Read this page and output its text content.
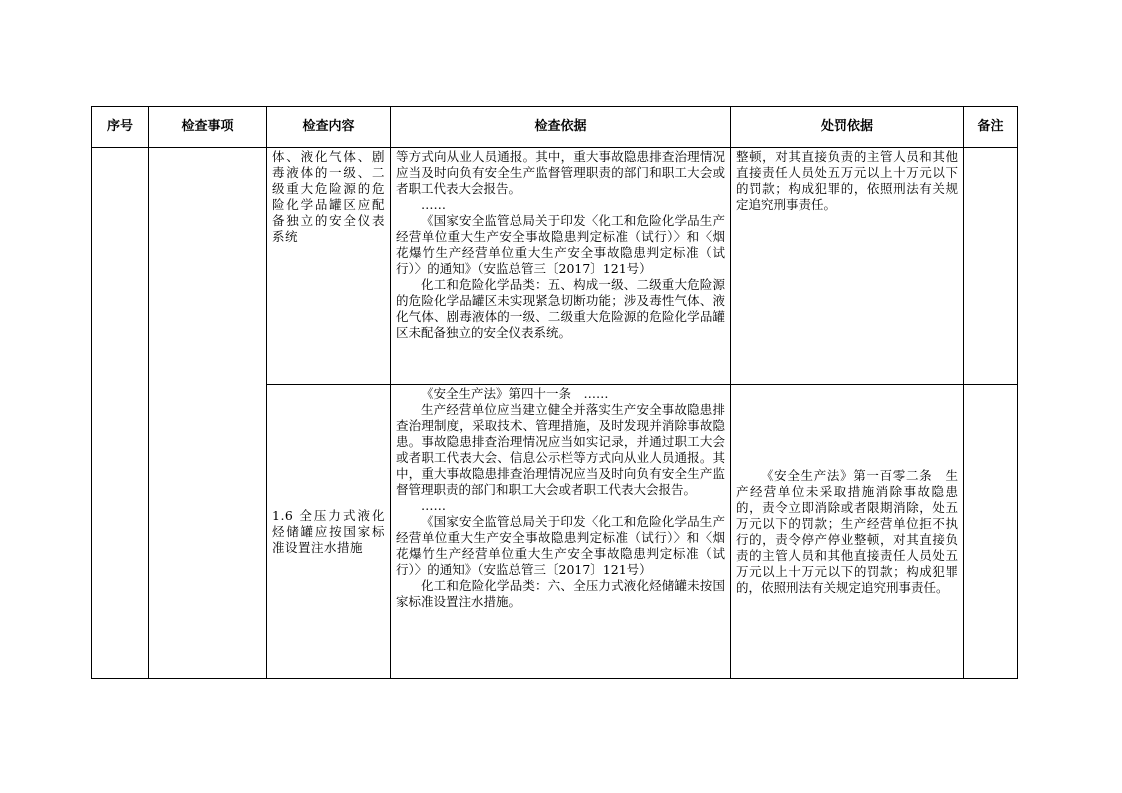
序号	检查事项	检查内容	检查依据	处罚依据	备注
		体、液化气体、剧毒液体的一级、二级重大危险源的危险化学品罐区应配备独立的安全仪表系统	等方式向从业人员通报。其中，重大事故隐患排查治理情况应当及时向负有安全生产监督管理职责的部门和职工大会或者职工代表大会报告。

……

《国家安全监管总局关于印发〈化工和危险化学品生产经营单位重大生产安全事故隐患判定标准（试行）〉和〈烟花爆竹生产经营单位重大生产安全事故隐患判定标准（试行）〉的通知》（安监总管三〔2017〕121号）

化工和危险化学品类：五、构成一级、二级重大危险源的危险化学品罐区未实现紧急切断功能；涉及毒性气体、液化气体、剧毒液体的一级、二级重大危险源的危险化学品罐区未配备独立的安全仪表系统。	整顿，对其直接负责的主管人员和其他直接责任人员处五万元以上十万元以下的罚款；构成犯罪的，依照刑法有关规定追究刑事责任。	

		1.6 全压力式液化烃储罐应按国家标准设置注水措施	《安全生产法》第四十一条　……

生产经营单位应当建立健全并落实生产安全事故隐患排查治理制度，采取技术、管理措施，及时发现并消除事故隐患。事故隐患排查治理情况应当如实记录，并通过职工大会或者职工代表大会、信息公示栏等方式向从业人员通报。其中，重大事故隐患排查治理情况应当及时向负有安全生产监督管理职责的部门和职工大会或者职工代表大会报告。

……

《国家安全监管总局关于印发〈化工和危险化学品生产经营单位重大生产安全事故隐患判定标准（试行）〉和〈烟花爆竹生产经营单位重大生产安全事故隐患判定标准（试行）〉的通知》（安监总管三〔2017〕121号）

化工和危险化学品类：六、全压力式液化烃储罐未按国家标准设置注水措施。	《安全生产法》第一百零二条　生产经营单位未采取措施消除事故隐患的，责令立即消除或者限期消除，处五万元以下的罚款；生产经营单位拒不执行的，责令停产停业整顿，对其直接负责的主管人员和其他直接责任人员处五万元以上十万元以下的罚款；构成犯罪的，依照刑法有关规定追究刑事责任。	
